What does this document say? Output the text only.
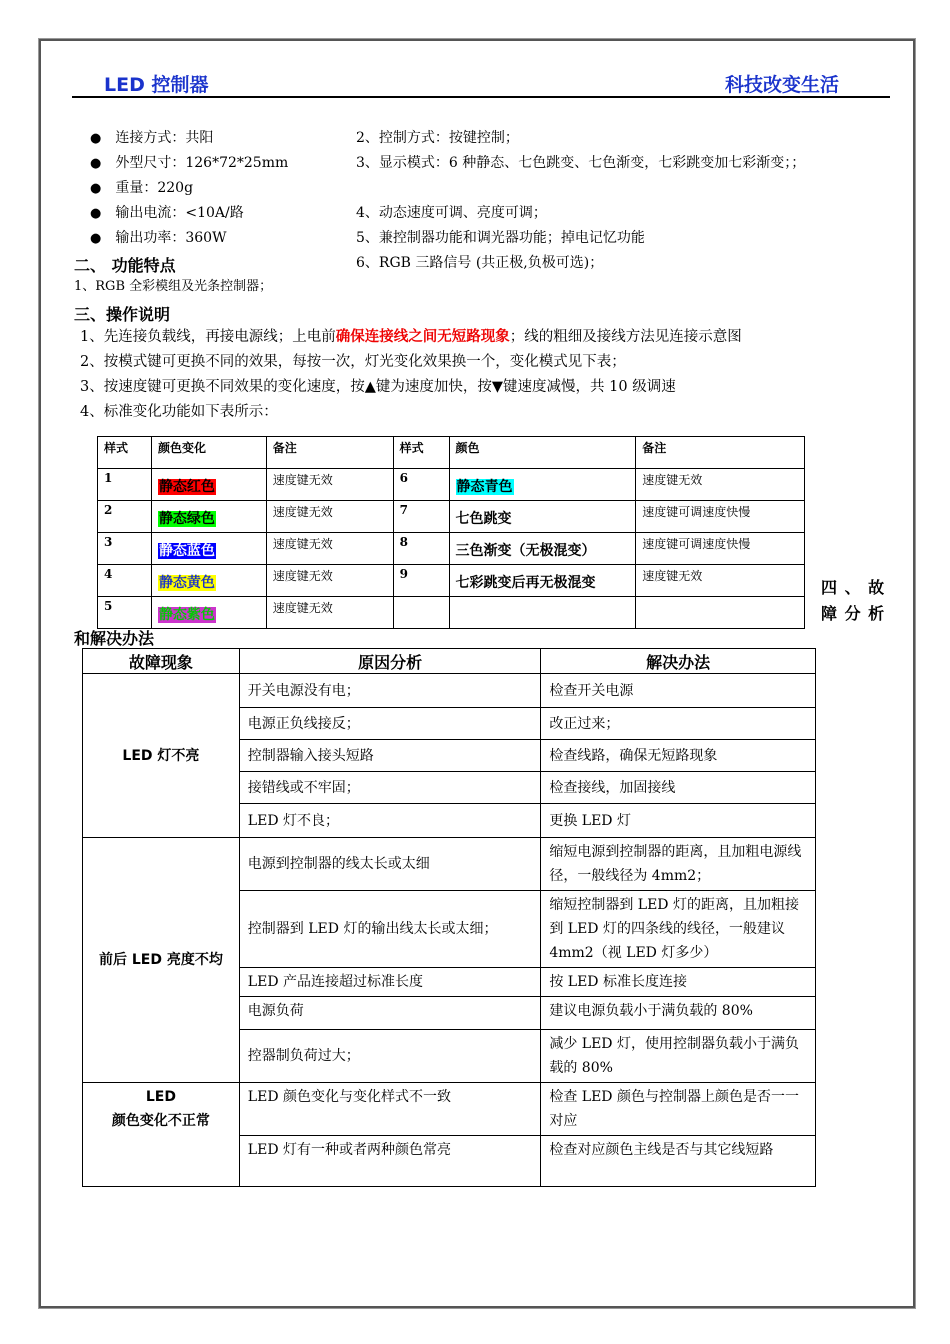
LED 控制器	科技改变生活
● 连接方式：共阳
● 外型尺寸：126*72*25mm
● 重量：220g
● 输出电流：<10A/路
● 输出功率：360W
2、控制方式：按键控制；
3、显示模式：6 种静态、七色跳变、七色渐变，七彩跳变加七彩渐变；；
4、动态速度可调、亮度可调；
5、兼控制器功能和调光器功能；掉电记忆功能
6、RGB 三路信号 (共正极,负极可选)；
二、 功能特点
1、RGB 全彩模组及光条控制器；
三、操作说明
1、先连接负载线，再接电源线；上电前确保连接线之间无短路现象；线的粗细及接线方法见连接示意图
2、按模式键可更换不同的效果，每按一次，灯光变化效果换一个，变化模式见下表；
3、按速度键可更换不同效果的变化速度，按▲键为速度加快，按▼键速度减慢，共 10 级调速
4、标准变化功能如下表所示：
样式	颜色变化	备注	样式	颜色	备注
1	静态红色	速度键无效	6	静态青色	速度键无效
2	静态绿色	速度键无效	7	七色跳变	速度键可调速度快慢
3	静态蓝色	速度键无效	8	三色渐变（无极混变）	速度键可调速度快慢
4	静态黄色	速度键无效	9	七彩跳变后再无极混变	速度键无效
5	静态紫色	速度键无效			
四 、 故
障 分 析
和解决办法
故障现象	原因分析	解决办法
LED 灯不亮	开关电源没有电；	检查开关电源
	电源正负线接反；	改正过来；
	控制器输入接头短路	检查线路，确保无短路现象
	接错线或不牢固；	检查接线，加固接线
	LED 灯不良；	更换 LED 灯
前后 LED 亮度不均	电源到控制器的线太长或太细	缩短电源到控制器的距离，且加粗电源线径，一般线径为 4mm2；
	控制器到 LED 灯的输出线太长或太细；	缩短控制器到 LED 灯的距离，且加粗接到 LED 灯的四条线的线径，一般建议 4mm2（视 LED 灯多少）
	LED 产品连接超过标准长度	按 LED 标准长度连接
	电源负荷	建议电源负载小于满负载的 80%
	控器制负荷过大；	减少 LED 灯，使用控制器负载小于满负载的 80%

LED
颜色变化不正常	LED 颜色变化与变化样式不一致	检查 LED 颜色与控制器上颜色是否一一对应
	LED 灯有一种或者两种颜色常亮	检查对应颜色主线是否与其它线短路
